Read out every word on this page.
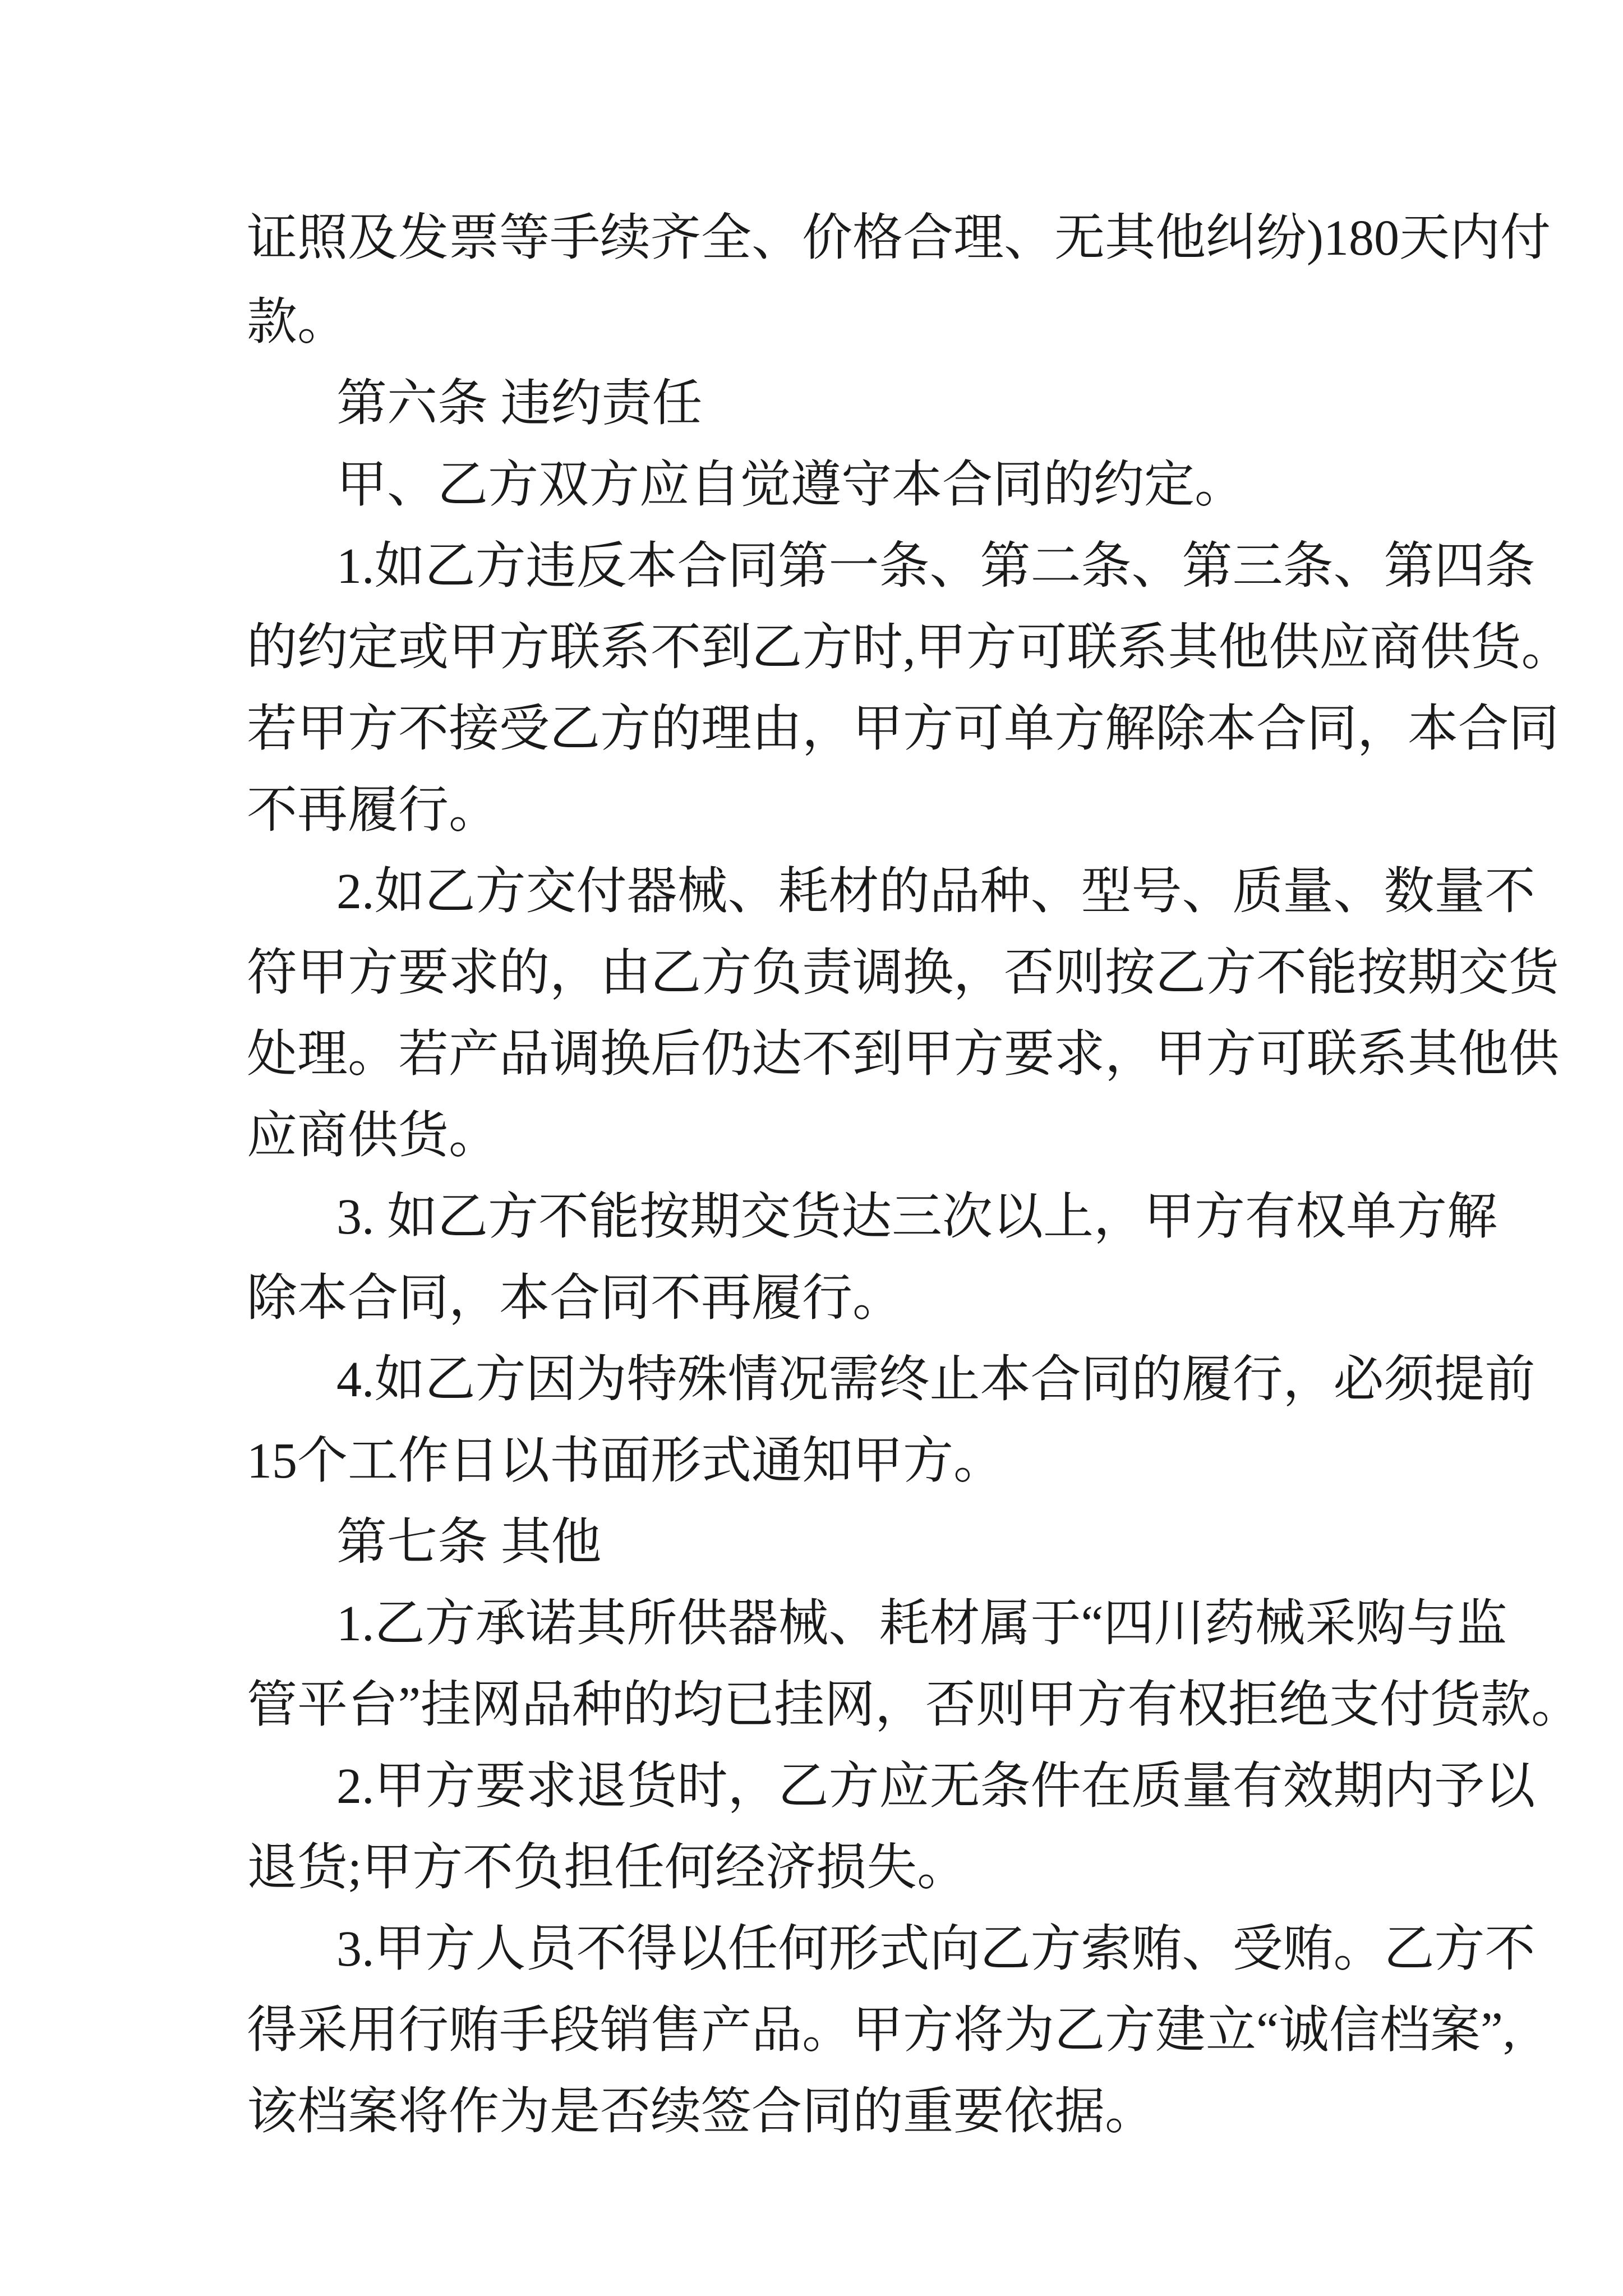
证照及发票等手续齐全、价格合理、无其他纠纷)180天内付

款。

第六条 违约责任

甲、乙方双方应自觉遵守本合同的约定。

1.如乙方违反本合同第一条、第二条、第三条、第四条

的约定或甲方联系不到乙方时,甲方可联系其他供应商供货。

若甲方不接受乙方的理由，甲方可单方解除本合同，本合同

不再履行。

2.如乙方交付器械、耗材的品种、型号、质量、数量不

符甲方要求的，由乙方负责调换，否则按乙方不能按期交货

处理。若产品调换后仍达不到甲方要求，甲方可联系其他供

应商供货。

3. 如乙方不能按期交货达三次以上，甲方有权单方解

除本合同，本合同不再履行。

4.如乙方因为特殊情况需终止本合同的履行，必须提前

15个工作日以书面形式通知甲方。

第七条 其他

1.乙方承诺其所供器械、耗材属于“四川药械采购与监

管平台”挂网品种的均已挂网，否则甲方有权拒绝支付货款。

2.甲方要求退货时，乙方应无条件在质量有效期内予以

退货;甲方不负担任何经济损失。

3.甲方人员不得以任何形式向乙方索贿、受贿。乙方不

得采用行贿手段销售产品。甲方将为乙方建立“诚信档案”,

该档案将作为是否续签合同的重要依据。
